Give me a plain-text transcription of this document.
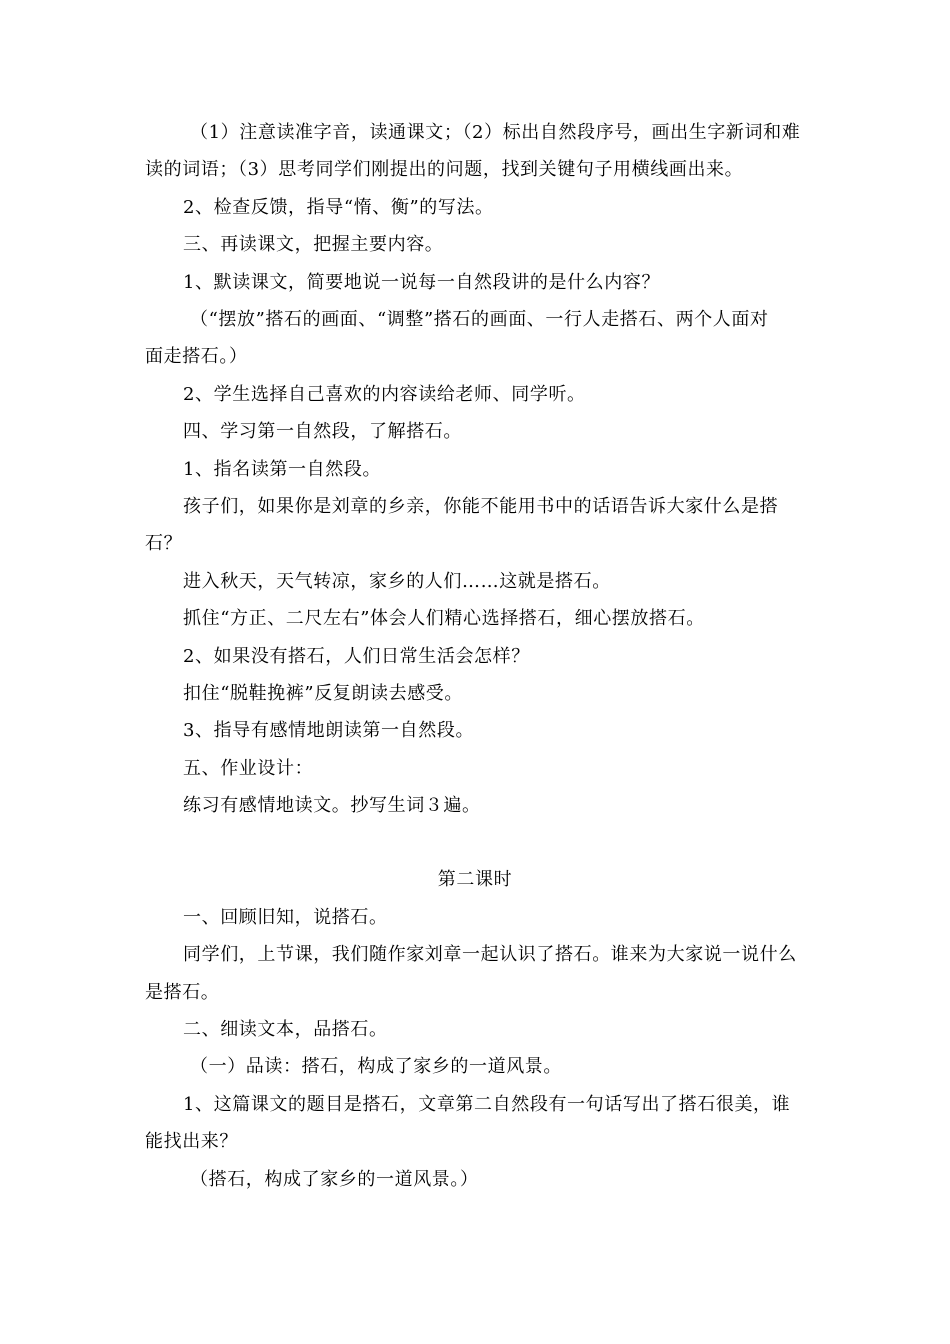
（1）注意读准字音，读通课文；（2）标出自然段序号，画出生字新词和难
读的词语；（3）思考同学们刚提出的问题，找到关键句子用横线画出来。
2、检查反馈，指导“惰、衡”的写法。
三、再读课文，把握主要内容。
1、默读课文，简要地说一说每一自然段讲的是什么内容？
（“摆放”搭石的画面、“调整”搭石的画面、一行人走搭石、两个人面对
面走搭石。）
2、学生选择自己喜欢的内容读给老师、同学听。
四、学习第一自然段，了解搭石。
1、指名读第一自然段。
孩子们，如果你是刘章的乡亲，你能不能用书中的话语告诉大家什么是搭
石？
进入秋天，天气转凉，家乡的人们……这就是搭石。
抓住“方正、二尺左右”体会人们精心选择搭石，细心摆放搭石。
2、如果没有搭石，人们日常生活会怎样？
扣住“脱鞋挽裤”反复朗读去感受。
3、指导有感情地朗读第一自然段。
五、作业设计：
练习有感情地读文。抄写生词３遍。
第二课时
一、回顾旧知，说搭石。
同学们，上节课，我们随作家刘章一起认识了搭石。谁来为大家说一说什么
是搭石。
二、细读文本，品搭石。
（一）品读：搭石，构成了家乡的一道风景。
1、这篇课文的题目是搭石，文章第二自然段有一句话写出了搭石很美，谁
能找出来？
（搭石，构成了家乡的一道风景。）
